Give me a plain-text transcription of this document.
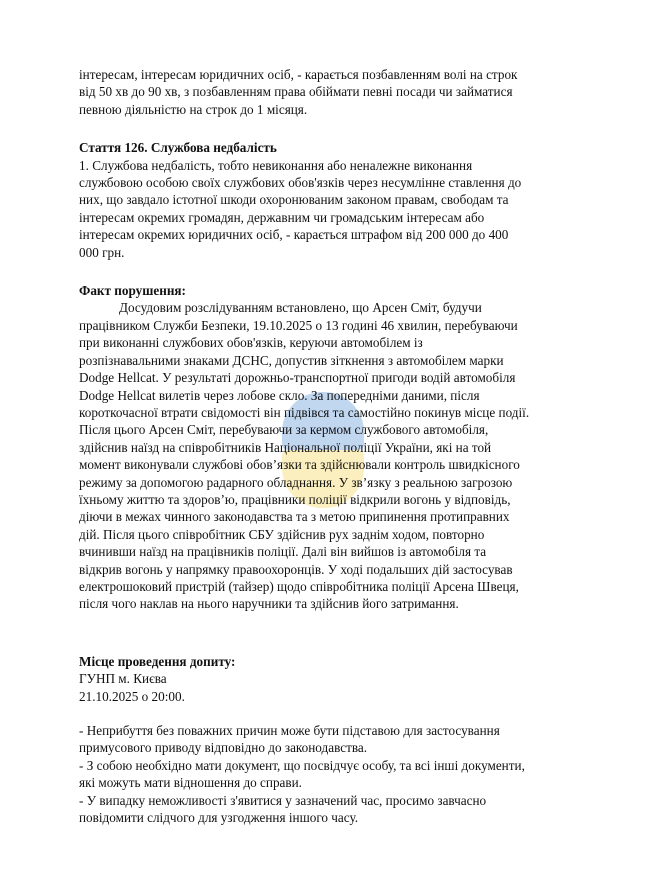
інтересам, інтересам юридичних осіб, - карається позбавленням волі на строк
від 50 хв до 90 хв, з позбавленням права обіймати певні посади чи займатися
певною діяльністю на строк до 1 місяця.
Стаття 126. Службова недбалість
1. Службова недбалість, тобто невиконання або неналежне виконання
службовою особою своїх службових обов'язків через несумлінне ставлення до
них, що завдало істотної шкоди охоронюваним законом правам, свободам та
інтересам окремих громадян, державним чи громадським інтересам або
інтересам окремих юридичних осіб, - карається штрафом від 200 000 до 400
000 грн.
Факт порушення:
Досудовим розслідуванням встановлено, що Арсен Сміт, будучи
працівником Служби Безпеки, 19.10.2025 о 13 годині 46 хвилин, перебуваючи
при виконанні службових обов'язків, керуючи автомобілем із
розпізнавальними знаками ДСНС, допустив зіткнення з автомобілем марки
Dodge Hellcat. У результаті дорожньо-транспортної пригоди водій автомобіля
Dodge Hellcat вилетів через лобове скло. За попередніми даними, після
короткочасної втрати свідомості він підвівся та самостійно покинув місце події.
Після цього Арсен Сміт, перебуваючи за кермом службового автомобіля,
здійснив наїзд на співробітників Національної поліції України, які на той
момент виконували службові обов’язки та здійснювали контроль швидкісного
режиму за допомогою радарного обладнання. У зв’язку з реальною загрозою
їхньому життю та здоров’ю, працівники поліції відкрили вогонь у відповідь,
діючи в межах чинного законодавства та з метою припинення протиправних
дій. Після цього співробітник СБУ здійснив рух заднім ходом, повторно
вчинивши наїзд на працівників поліції. Далі він вийшов із автомобіля та
відкрив вогонь у напрямку правоохоронців. У ході подальших дій застосував
електрошоковий пристрій (тайзер) щодо співробітника поліції Арсена Швеця,
після чого наклав на нього наручники та здійснив його затримання.
Місце проведення допиту:
ГУНП м. Києва
21.10.2025 о 20:00.
- Неприбуття без поважних причин може бути підставою для застосування
примусового приводу відповідно до законодавства.
- З собою необхідно мати документ, що посвідчує особу, та всі інші документи,
які можуть мати відношення до справи.
- У випадку неможливості з'явитися у зазначений час, просимо завчасно
повідомити слідчого для узгодження іншого часу.
